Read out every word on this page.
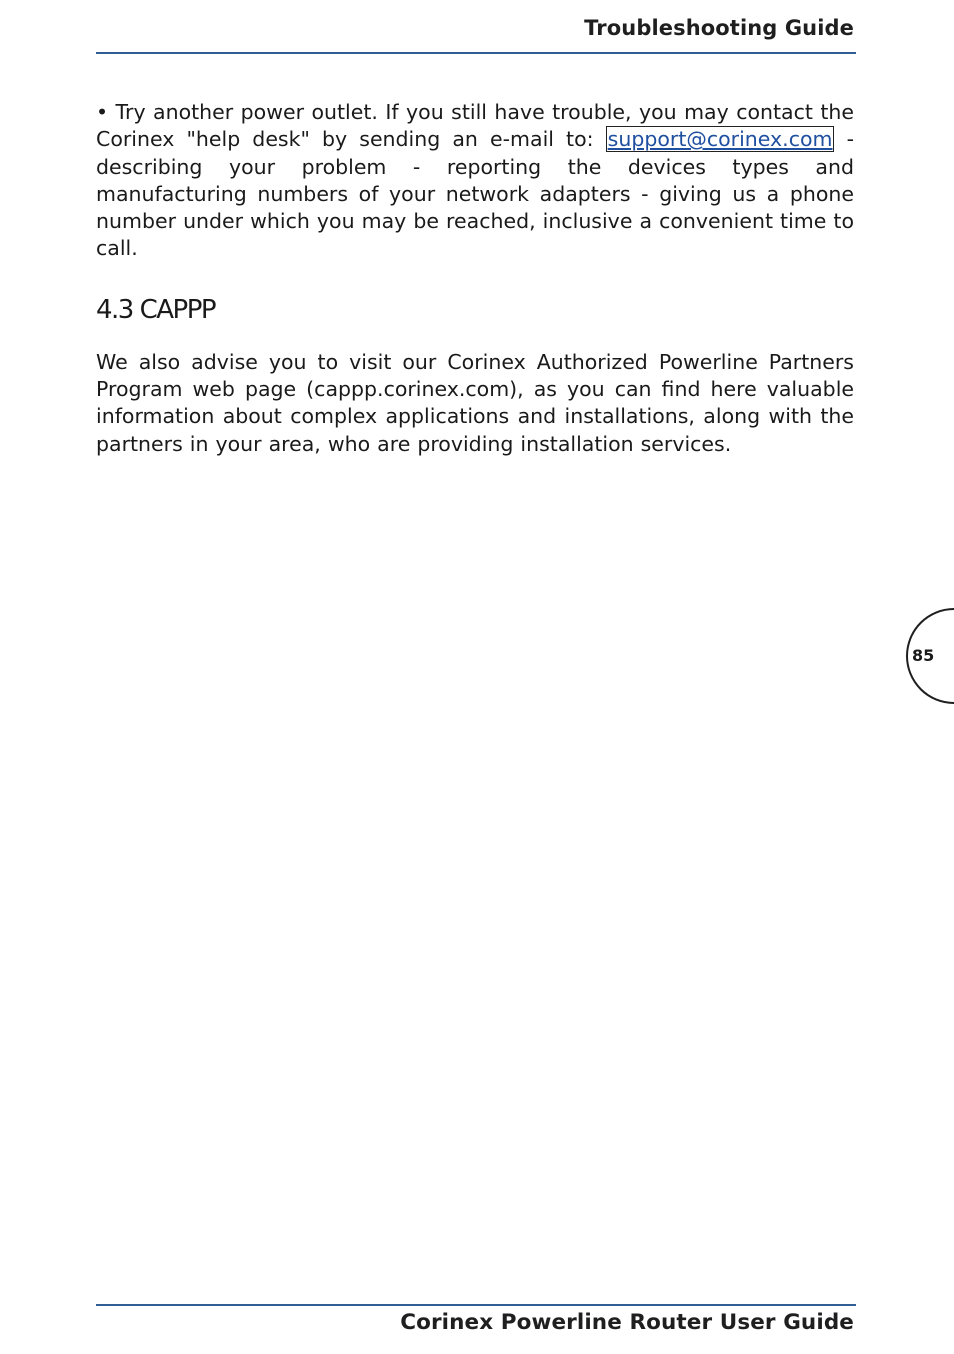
Troubleshooting Guide

• Try another power outlet. If you still have trouble, you may contact the Corinex "help desk" by sending an e-mail to: support@corinex.com - describing your problem - reporting the devices types and manufacturing numbers of your network adapters - giving us a phone number under which you may be reached, inclusive a convenient time to call.

4.3 CAPPP

We also advise you to visit our Corinex Authorized Powerline Partners Program web page (cappp.corinex.com), as you can find here valuable information about complex applications and installations, along with the partners in your area, who are providing installation services.

85
Corinex Powerline Router User Guide
